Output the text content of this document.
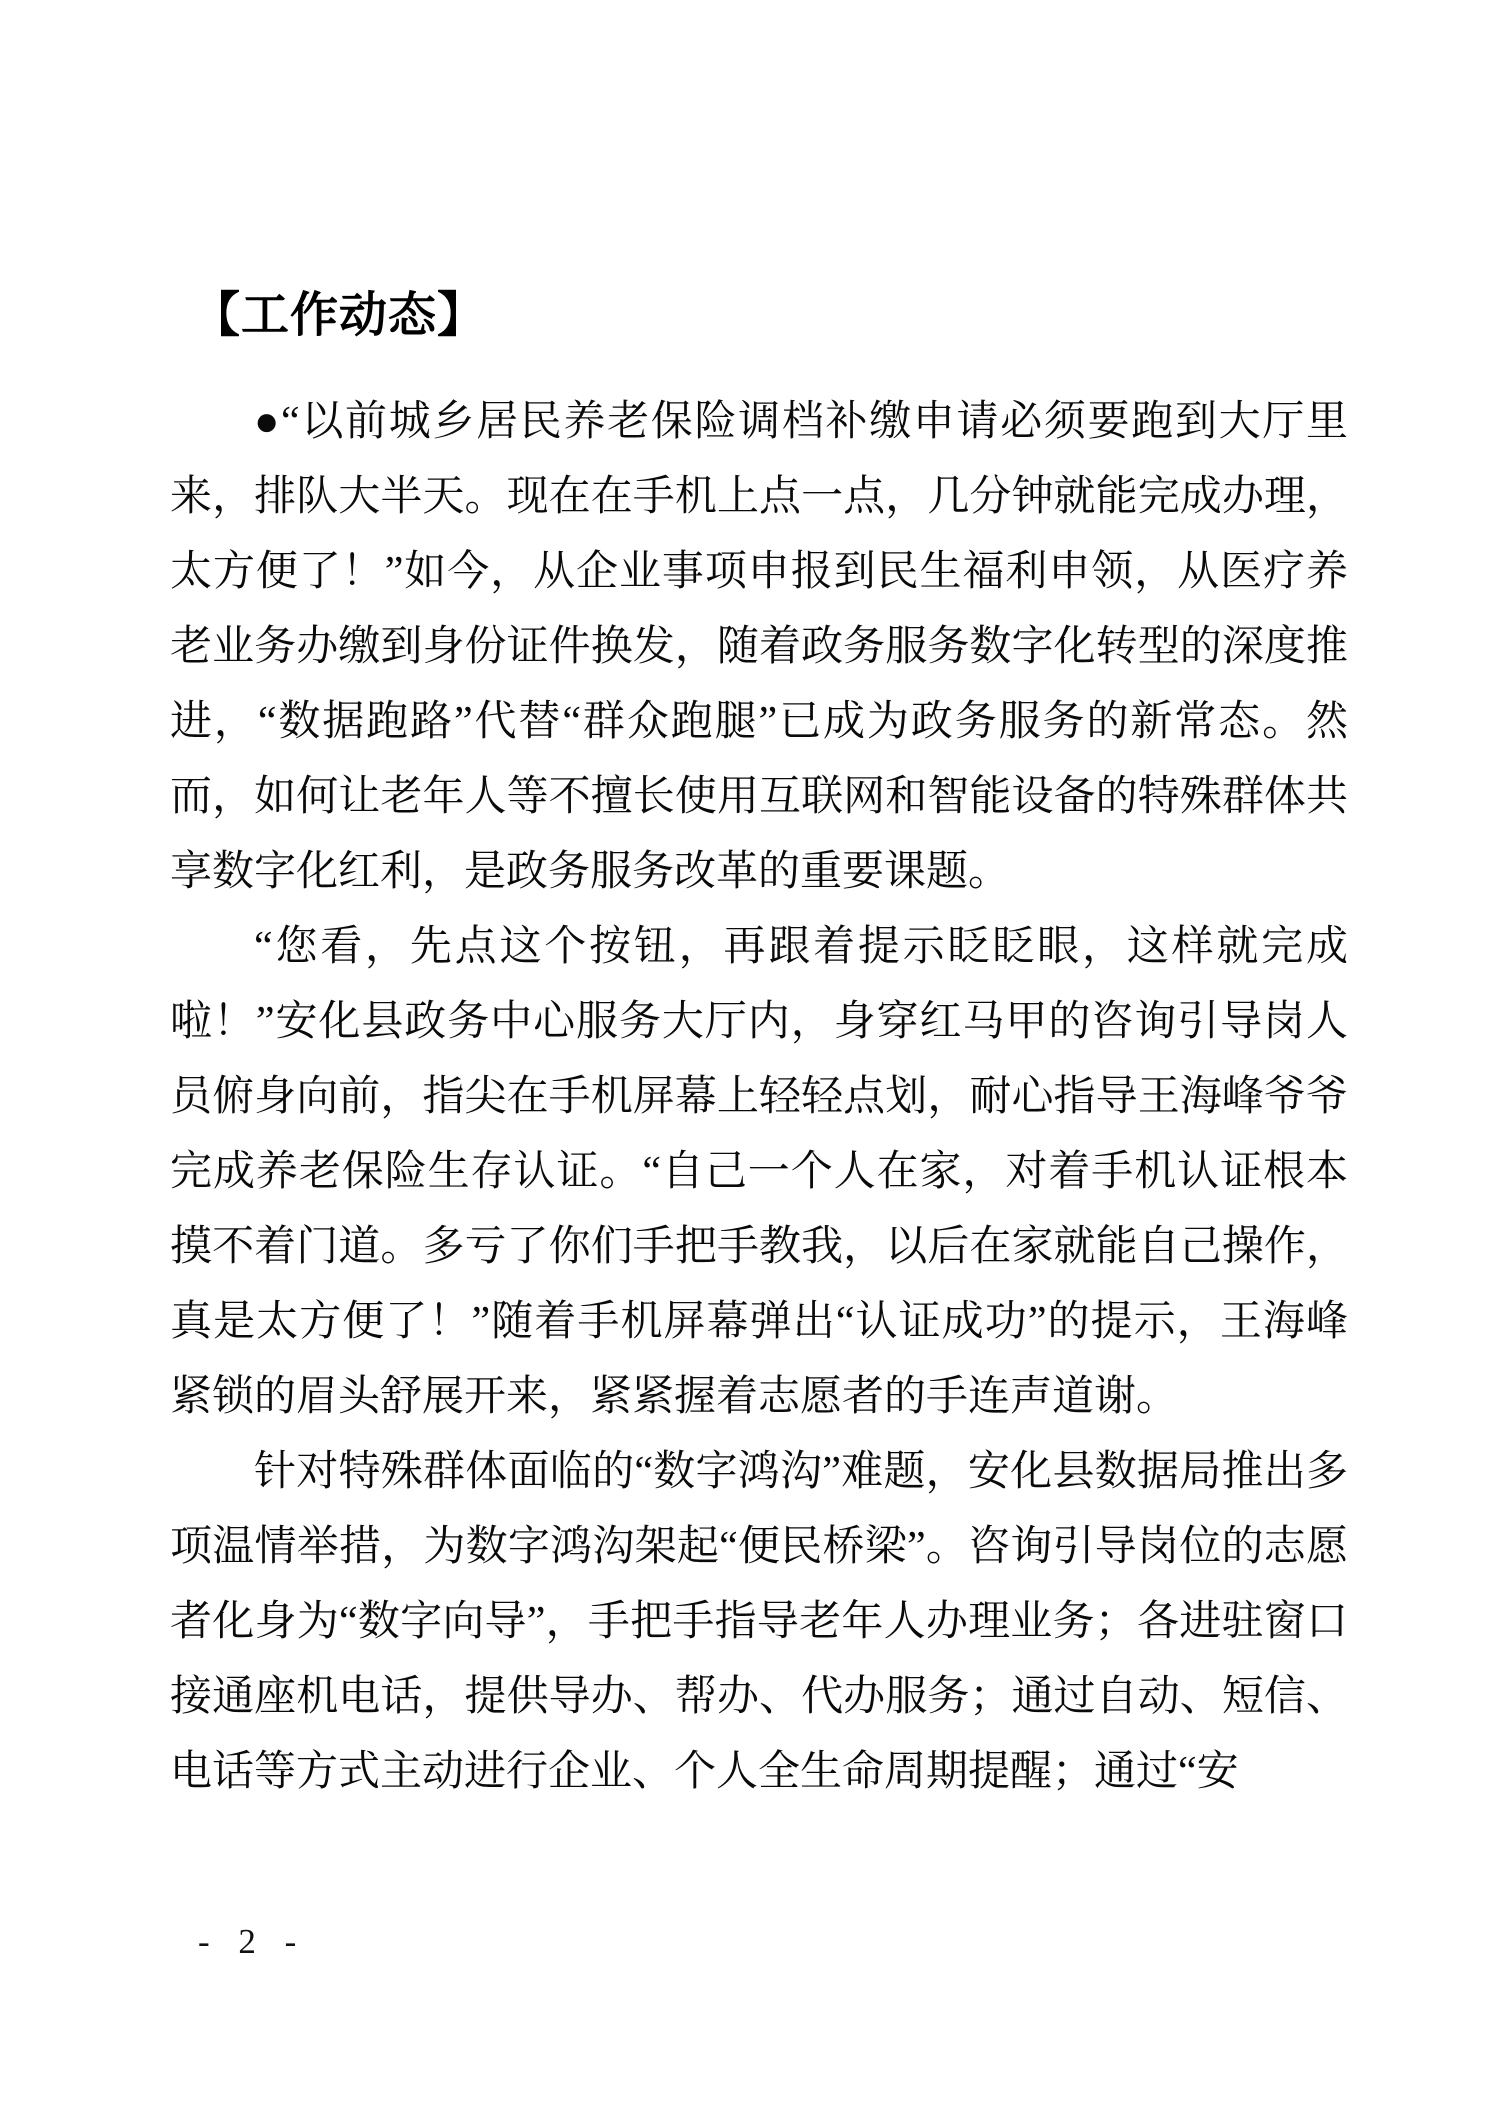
【工作动态】

●“以前城乡居民养老保险调档补缴申请必须要跑到大厅里来，排队大半天。现在在手机上点一点，几分钟就能完成办理，太方便了！”如今，从企业事项申报到民生福利申领，从医疗养老业务办缴到身份证件换发，随着政务服务数字化转型的深度推进，“数据跑路”代替“群众跑腿”已成为政务服务的新常态。然而，如何让老年人等不擅长使用互联网和智能设备的特殊群体共享数字化红利，是政务服务改革的重要课题。

“您看，先点这个按钮，再跟着提示眨眨眼，这样就完成啦！”安化县政务中心服务大厅内，身穿红马甲的咨询引导岗人员俯身向前，指尖在手机屏幕上轻轻点划，耐心指导王海峰爷爷完成养老保险生存认证。“自己一个人在家，对着手机认证根本摸不着门道。多亏了你们手把手教我，以后在家就能自己操作，真是太方便了！”随着手机屏幕弹出“认证成功”的提示，王海峰紧锁的眉头舒展开来，紧紧握着志愿者的手连声道谢。

针对特殊群体面临的“数字鸿沟”难题，安化县数据局推出多项温情举措，为数字鸿沟架起“便民桥梁”。咨询引导岗位的志愿者化身为“数字向导”，手把手指导老年人办理业务；各进驻窗口接通座机电话，提供导办、帮办、代办服务；通过自动、短信、电话等方式主动进行企业、个人全生命周期提醒；通过“安

- 2 -
